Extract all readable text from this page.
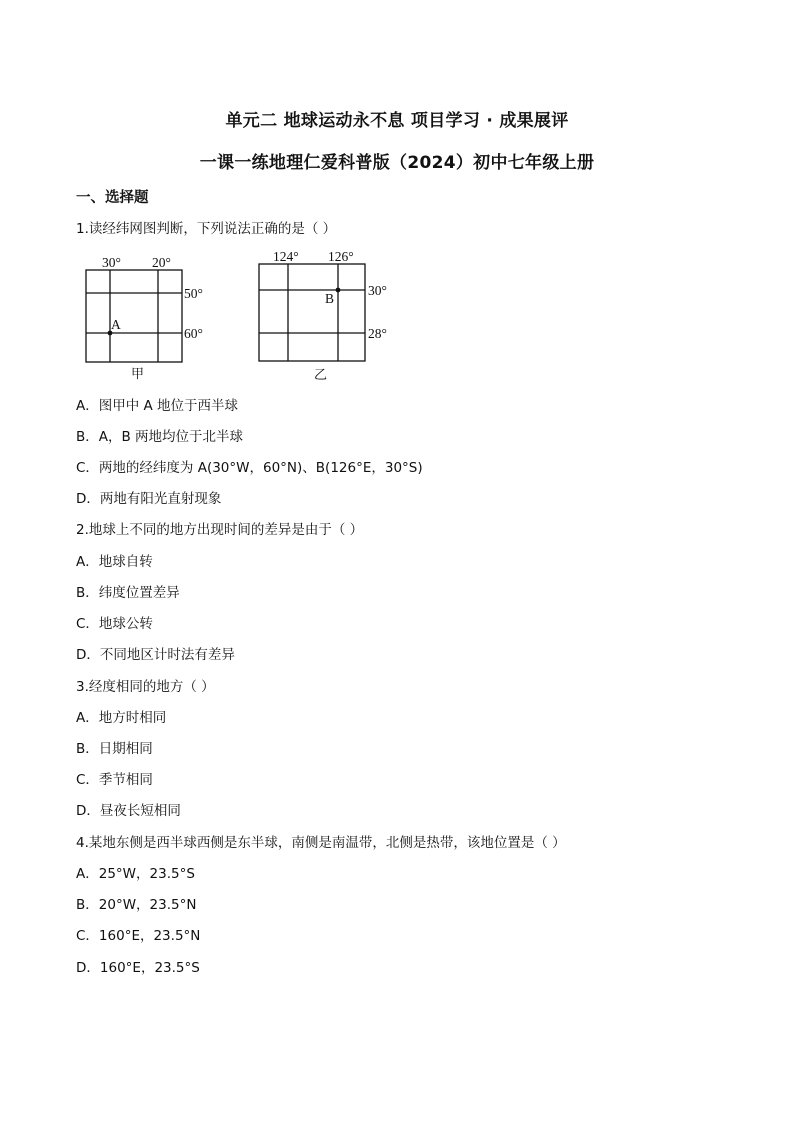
单元二 地球运动永不息 项目学习 · 成果展评
一课一练地理仁爱科普版（2024）初中七年级上册
一、选择题
1.读经纬网图判断，下列说法正确的是（ ）
30° 20°
50°
60°
A
甲
124° 126°
30°
28°
B
乙
A．图甲中 A 地位于西半球
B．A，B 两地均位于北半球
C．两地的经纬度为 A(30°W，60°N)、B(126°E，30°S)
D．两地有阳光直射现象
2.地球上不同的地方出现时间的差异是由于（ ）
A．地球自转
B．纬度位置差异
C．地球公转
D．不同地区计时法有差异
3.经度相同的地方（ ）
A．地方时相同
B．日期相同
C．季节相同
D．昼夜长短相同
4.某地东侧是西半球西侧是东半球，南侧是南温带，北侧是热带，该地位置是（ ）
A．25°W，23.5°S
B．20°W，23.5°N
C．160°E，23.5°N
D．160°E，23.5°S
